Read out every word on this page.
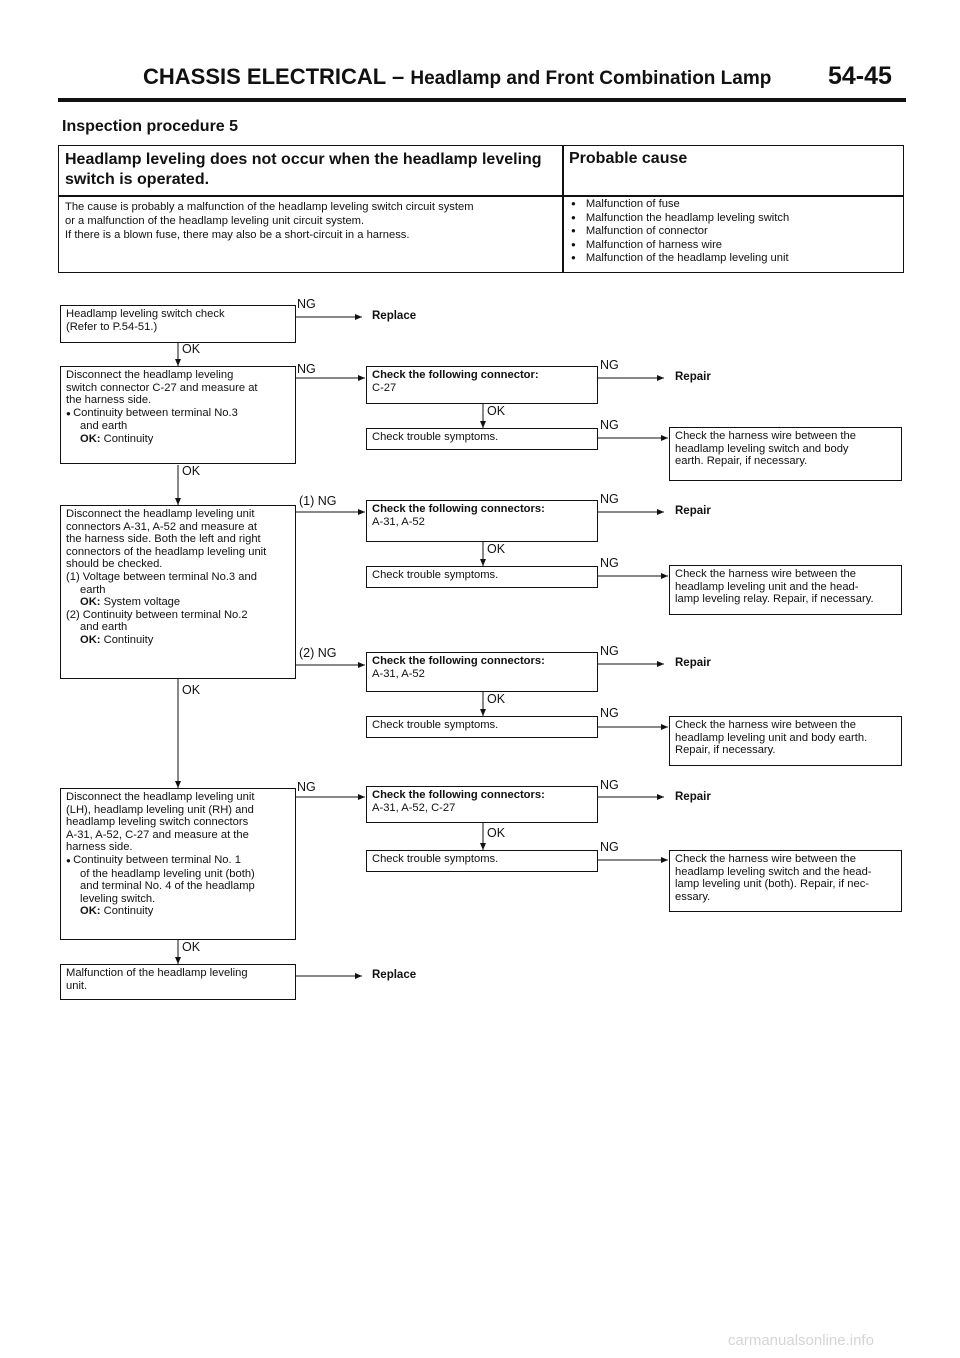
CHASSIS ELECTRICAL – Headlamp and Front Combination Lamp 54-45
Inspection procedure 5
Headlamp leveling does not occur when the headlamp leveling switch is operated.
Probable cause
The cause is probably a malfunction of the headlamp leveling switch circuit system
or a malfunction of the headlamp leveling unit circuit system.
If there is a blown fuse, there may also be a short-circuit in a harness.
● Malfunction of fuse
● Malfunction the headlamp leveling switch
● Malfunction of connector
● Malfunction of harness wire
● Malfunction of the headlamp leveling unit
Headlamp leveling switch check
(Refer to P.54-51.)
NG
Replace
OK
Disconnect the headlamp leveling
switch connector C-27 and measure at
the harness side.
● Continuity between terminal No.3
and earth
OK: Continuity
NG	Check the following connector:
C-27
NG
Repair
OK
Check trouble symptoms.
NG
Check the harness wire between the
headlamp leveling switch and body
earth. Repair, if necessary.
OK
Disconnect the headlamp leveling unit
connectors A-31, A-52 and measure at
the harness side. Both the left and right
connectors of the headlamp leveling unit
should be checked.
(1) Voltage between terminal No.3 and
earth
OK: System voltage
(2) Continuity between terminal No.2
and earth
OK: Continuity
(1) NG
Check the following connectors:
A-31, A-52
NG
Repair
OK
Check trouble symptoms.
NG
Check the harness wire between the
headlamp leveling unit and the head-
lamp leveling relay. Repair, if necessary.
(2) NG
Check the following connectors:
A-31, A-52
NG
Repair
OK
Check trouble symptoms.
NG
Check the harness wire between the
headlamp leveling unit and body earth.
Repair, if necessary.
OK
Disconnect the headlamp leveling unit
(LH), headlamp leveling unit (RH) and
headlamp leveling switch connectors
A-31, A-52, C-27 and measure at the
harness side.
● Continuity between terminal No. 1
of the headlamp leveling unit (both)
and terminal No. 4 of the headlamp
leveling switch.
OK: Continuity
NG
Check the following connectors:
A-31, A-52, C-27
NG
Repair
OK
Check trouble symptoms.
NG
Check the harness wire between the
headlamp leveling switch and the head-
lamp leveling unit (both). Repair, if nec-
essary.
OK
Malfunction of the headlamp leveling
unit.
Replace
carmanualsonline.info
